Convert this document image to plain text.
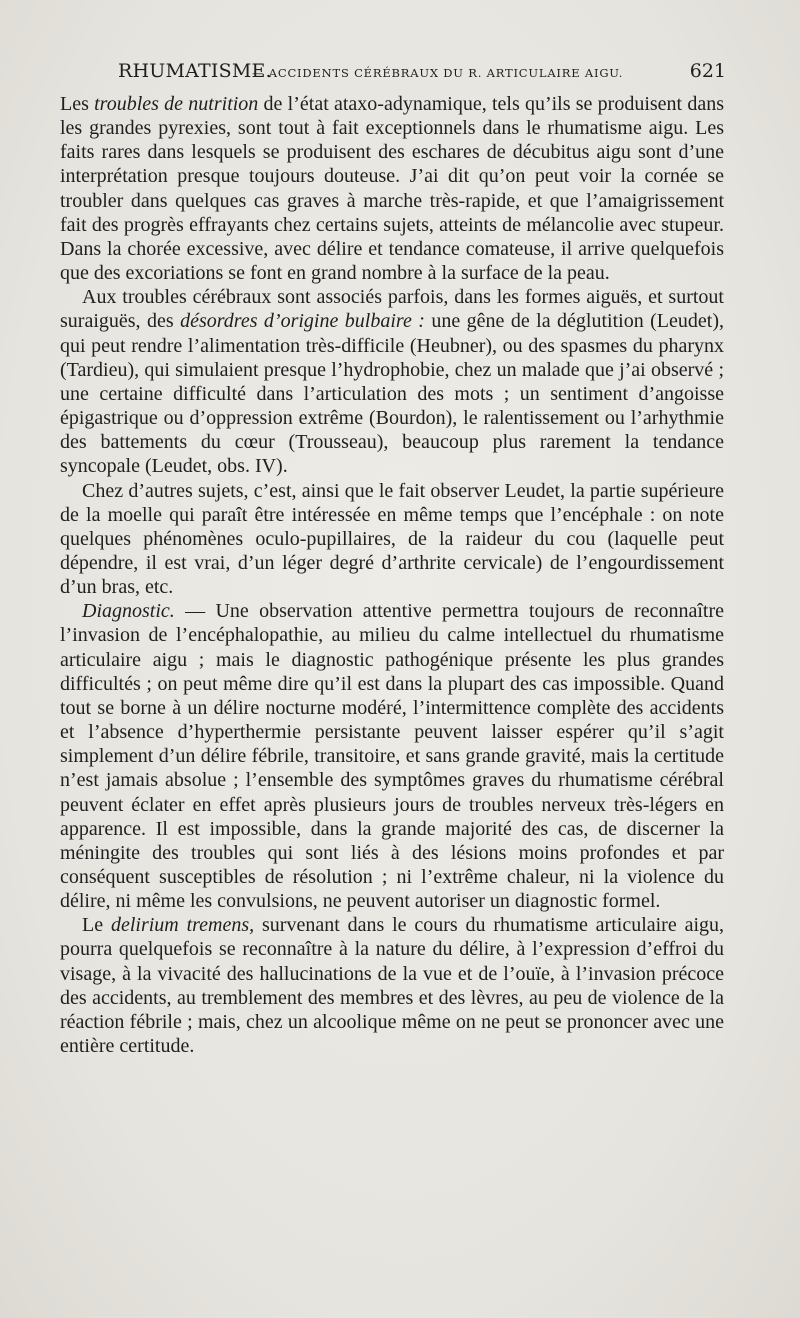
RHUMATISME.
— ACCIDENTS CÉRÉBRAUX DU R. ARTICULAIRE AIGU.	621

Les troubles de nutrition de l’état ataxo-adynamique, tels qu’ils se produisent dans les grandes pyrexies, sont tout à fait exceptionnels dans le rhumatisme aigu. Les faits rares dans lesquels se produisent des eschares de décubitus aigu sont d’une interprétation presque toujours douteuse. J’ai dit qu’on peut voir la cornée se troubler dans quelques cas graves à marche très-rapide, et que l’amaigrissement fait des progrès effrayants chez certains sujets, atteints de mélancolie avec stupeur. Dans la chorée excessive, avec délire et tendance comateuse, il arrive quelquefois que des excoriations se font en grand nombre à la surface de la peau.

Aux troubles cérébraux sont associés parfois, dans les formes aiguës, et surtout suraiguës, des désordres d’origine bulbaire : une gêne de la déglutition (Leudet), qui peut rendre l’alimentation très-difficile (Heubner), ou des spasmes du pharynx (Tardieu), qui simulaient presque l’hydrophobie, chez un malade que j’ai observé ; une certaine difficulté dans l’articulation des mots ; un sentiment d’angoisse épigastrique ou d’oppression extrême (Bourdon), le ralentissement ou l’arhythmie des battements du cœur (Trousseau), beaucoup plus rarement la tendance syncopale (Leudet, obs. IV).

Chez d’autres sujets, c’est, ainsi que le fait observer Leudet, la partie supérieure de la moelle qui paraît être intéressée en même temps que l’encéphale : on note quelques phénomènes oculo-pupillaires, de la raideur du cou (laquelle peut dépendre, il est vrai, d’un léger degré d’arthrite cervicale) de l’engourdissement d’un bras, etc.

Diagnostic. — Une observation attentive permettra toujours de reconnaître l’invasion de l’encéphalopathie, au milieu du calme intellectuel du rhumatisme articulaire aigu ; mais le diagnostic pathogénique présente les plus grandes difficultés ; on peut même dire qu’il est dans la plupart des cas impossible. Quand tout se borne à un délire nocturne modéré, l’intermittence complète des accidents et l’absence d’hyperthermie persistante peuvent laisser espérer qu’il s’agit simplement d’un délire fébrile, transitoire, et sans grande gravité, mais la certitude n’est jamais absolue ; l’ensemble des symptômes graves du rhumatisme cérébral peuvent éclater en effet après plusieurs jours de troubles nerveux très-légers en apparence. Il est impossible, dans la grande majorité des cas, de discerner la méningite des troubles qui sont liés à des lésions moins profondes et par conséquent susceptibles de résolution ; ni l’extrême chaleur, ni la violence du délire, ni même les convulsions, ne peuvent autoriser un diagnostic formel.

Le delirium tremens, survenant dans le cours du rhumatisme articulaire aigu, pourra quelquefois se reconnaître à la nature du délire, à l’expression d’effroi du visage, à la vivacité des hallucinations de la vue et de l’ouïe, à l’invasion précoce des accidents, au tremblement des membres et des lèvres, au peu de violence de la réaction fébrile ; mais, chez un alcoolique même on ne peut se prononcer avec une entière certitude.
